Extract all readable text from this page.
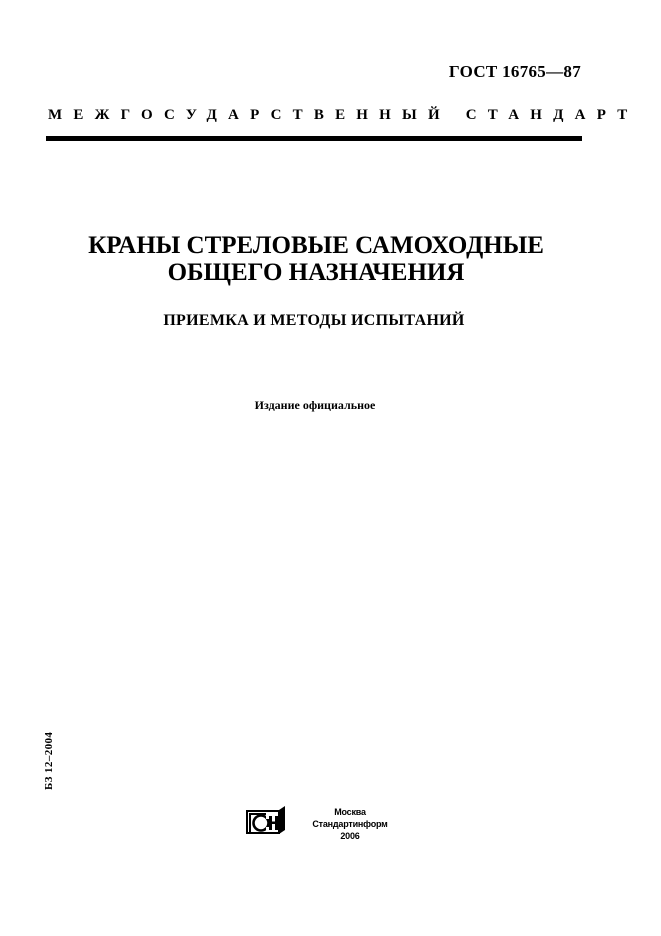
ГОСТ 16765—87
МЕЖГОСУДАРСТВЕННЫЙ СТАНДАРТ
КРАНЫ СТРЕЛОВЫЕ САМОХОДНЫЕ
ОБЩЕГО НАЗНАЧЕНИЯ
ПРИЕМКА И МЕТОДЫ ИСПЫТАНИЙ
Издание официальное
БЗ 12–2004
Москва
Стандартинформ
2006
